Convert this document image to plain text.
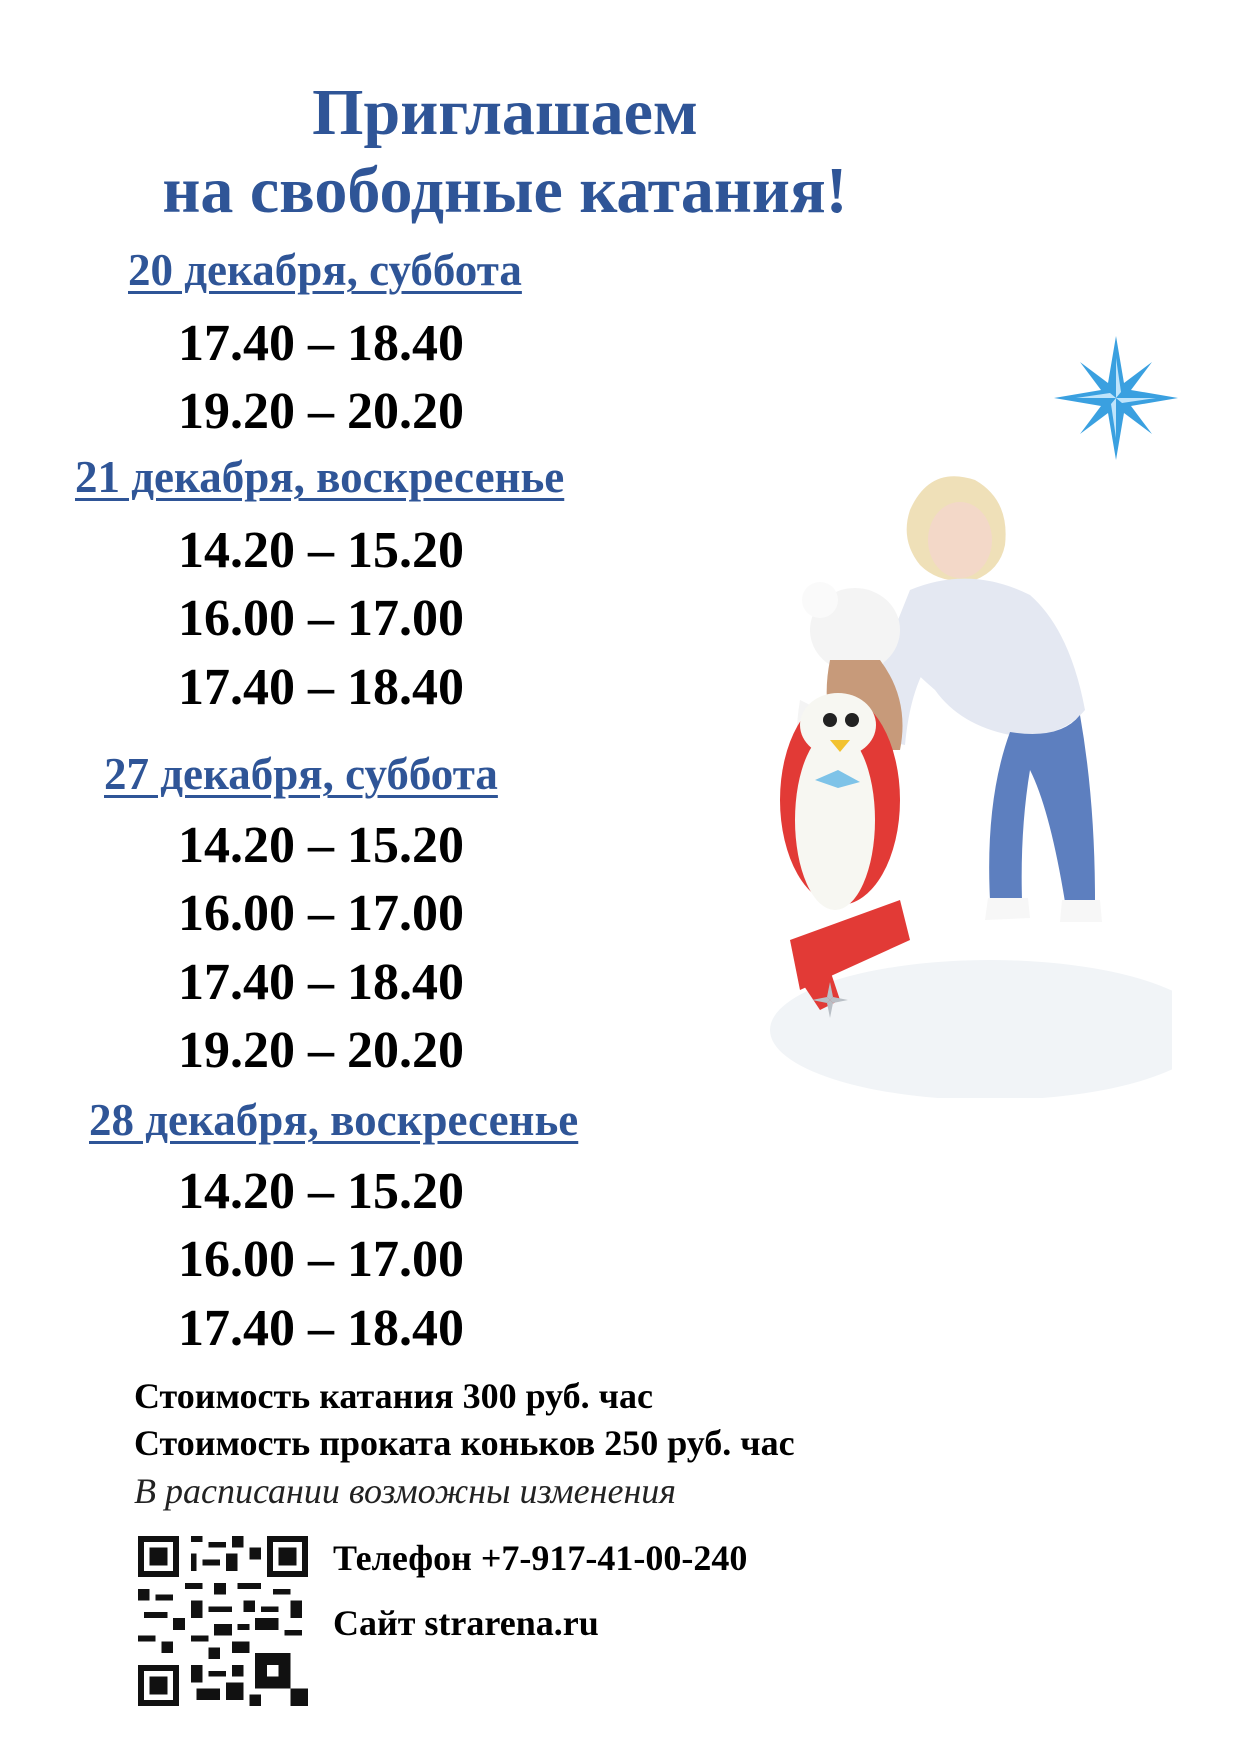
Приглашаем
на свободные катания!
20 декабря, суббота
17.40 – 18.40
19.20 – 20.20
21 декабря, воскресенье
14.20 – 15.20
16.00 – 17.00
17.40 – 18.40
27 декабря, суббота
14.20 – 15.20
16.00 – 17.00
17.40 – 18.40
19.20 – 20.20
28 декабря, воскресенье
14.20 – 15.20
16.00 – 17.00
17.40 – 18.40
Стоимость катания 300 руб. час
Стоимость проката коньков 250 руб. час
В расписании возможны изменения
Телефон +7-917-41-00-240
Сайт strarena.ru
